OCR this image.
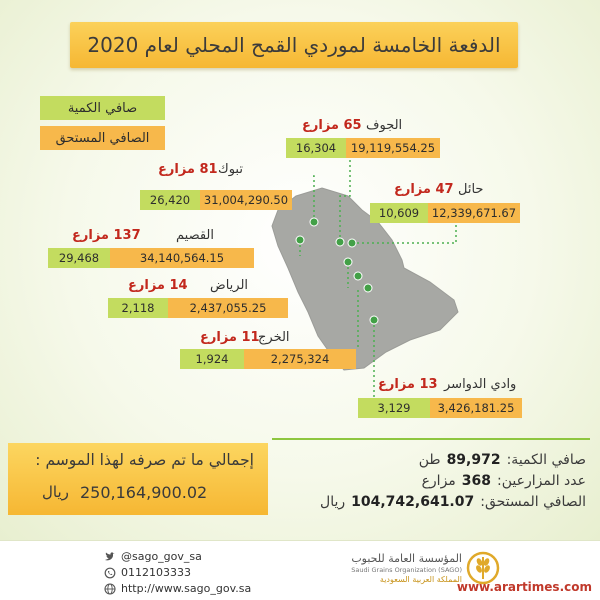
الدفعة الخامسة لموردي القمح المحلي لعام 2020
صافي الكمية
الصافي المستحق
الجوف
65 مزارع
16,304	19,119,554.25
تبوك
81 مزارع
26,420	31,004,290.50
حائل
47 مزارع
10,609	12,339,671.67
القصيم
137 مزارع
29,468	34,140,564.15
الرياض
14 مزارع
2,118	2,437,055.25
الخرج
11 مزارع
1,924	2,275,324
وادي الدواسر
13 مزارع
3,129	3,426,181.25
إجمالي ما تم صرفه لهذا الموسم :
250,164,900.02
ريال
صافي الكمية:89,972طن
عدد المزارعين:368مزارع
الصافي المستحق:104,742,641.07ريال
@sago_gov_sa
0112103333
http://www.sago_gov.sa
المؤسسة العامة للحبوب
Saudi Grains Organization (SAGO)
المملكة العربية السعودية
www.arartimes.com
